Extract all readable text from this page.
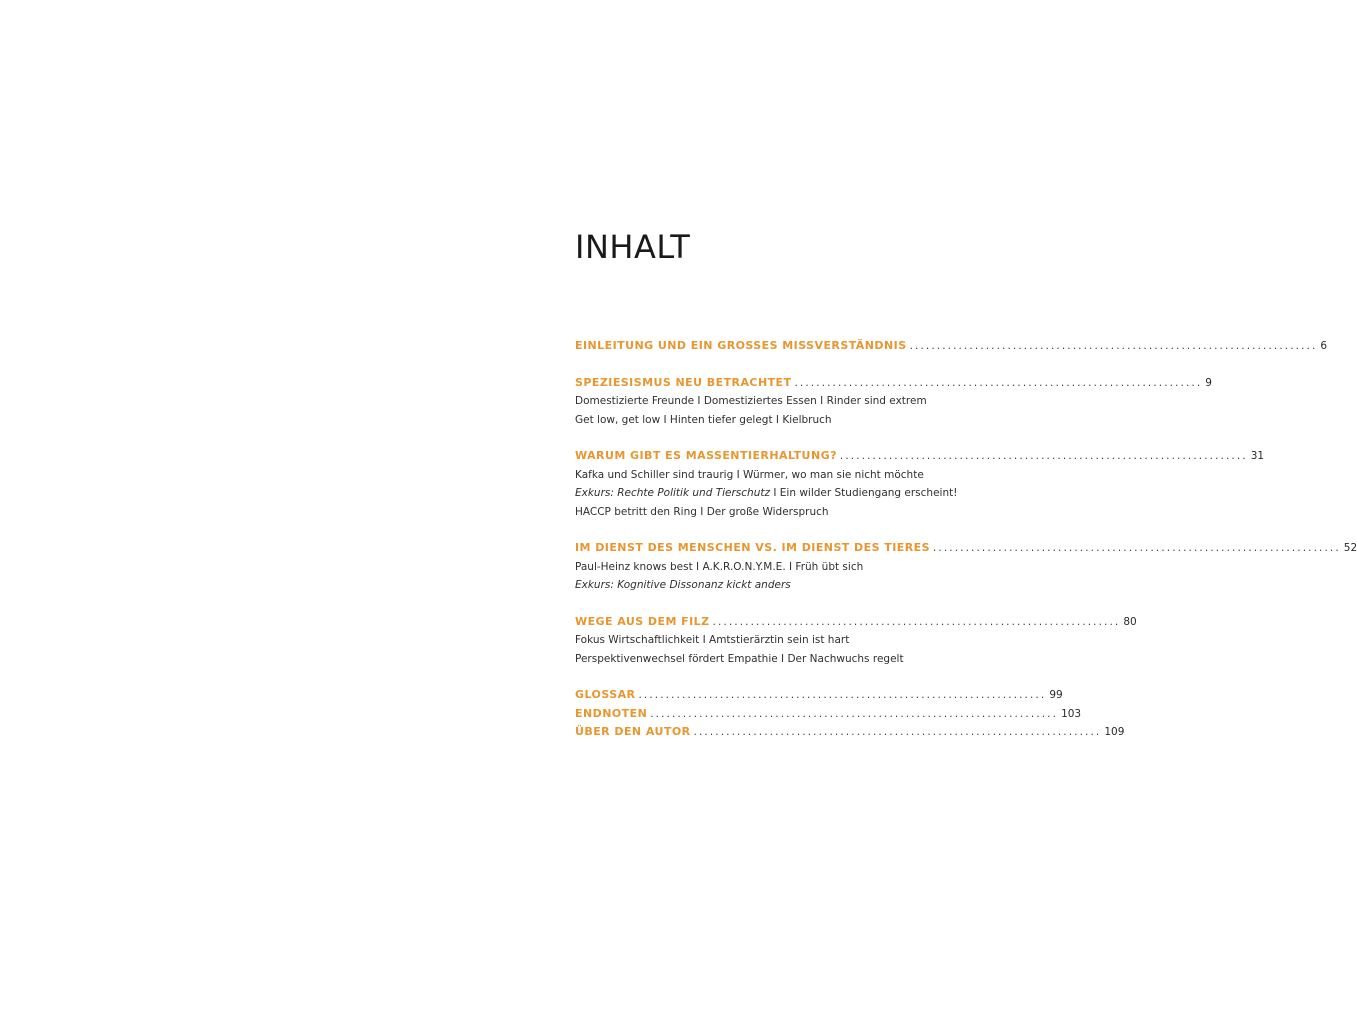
INHALT
EINLEITUNG UND EIN GROSSES MISSVERSTÄNDNIS ........................................................................... 6
SPEZIESISMUS NEU BETRACHTET ........................................................................... 9
Domestizierte Freunde I Domestiziertes Essen I Rinder sind extrem
Get low, get low I Hinten tiefer gelegt I Kielbruch
WARUM GIBT ES MASSENTIERHALTUNG? ........................................................................... 31
Kafka und Schiller sind traurig I Würmer, wo man sie nicht möchte
Exkurs: Rechte Politik und Tierschutz I Ein wilder Studiengang erscheint!
HACCP betritt den Ring I Der große Widerspruch
IM DIENST DES MENSCHEN VS. IM DIENST DES TIERES ........................................................................... 52
Paul-Heinz knows best I A.K.R.O.N.Y.M.E. I Früh übt sich
Exkurs: Kognitive Dissonanz kickt anders
WEGE AUS DEM FILZ ........................................................................... 80
Fokus Wirtschaftlichkeit I Amtstierärztin sein ist hart
Perspektivenwechsel fördert Empathie I Der Nachwuchs regelt
GLOSSAR ........................................................................... 99
ENDNOTEN ........................................................................... 103
ÜBER DEN AUTOR ........................................................................... 109
